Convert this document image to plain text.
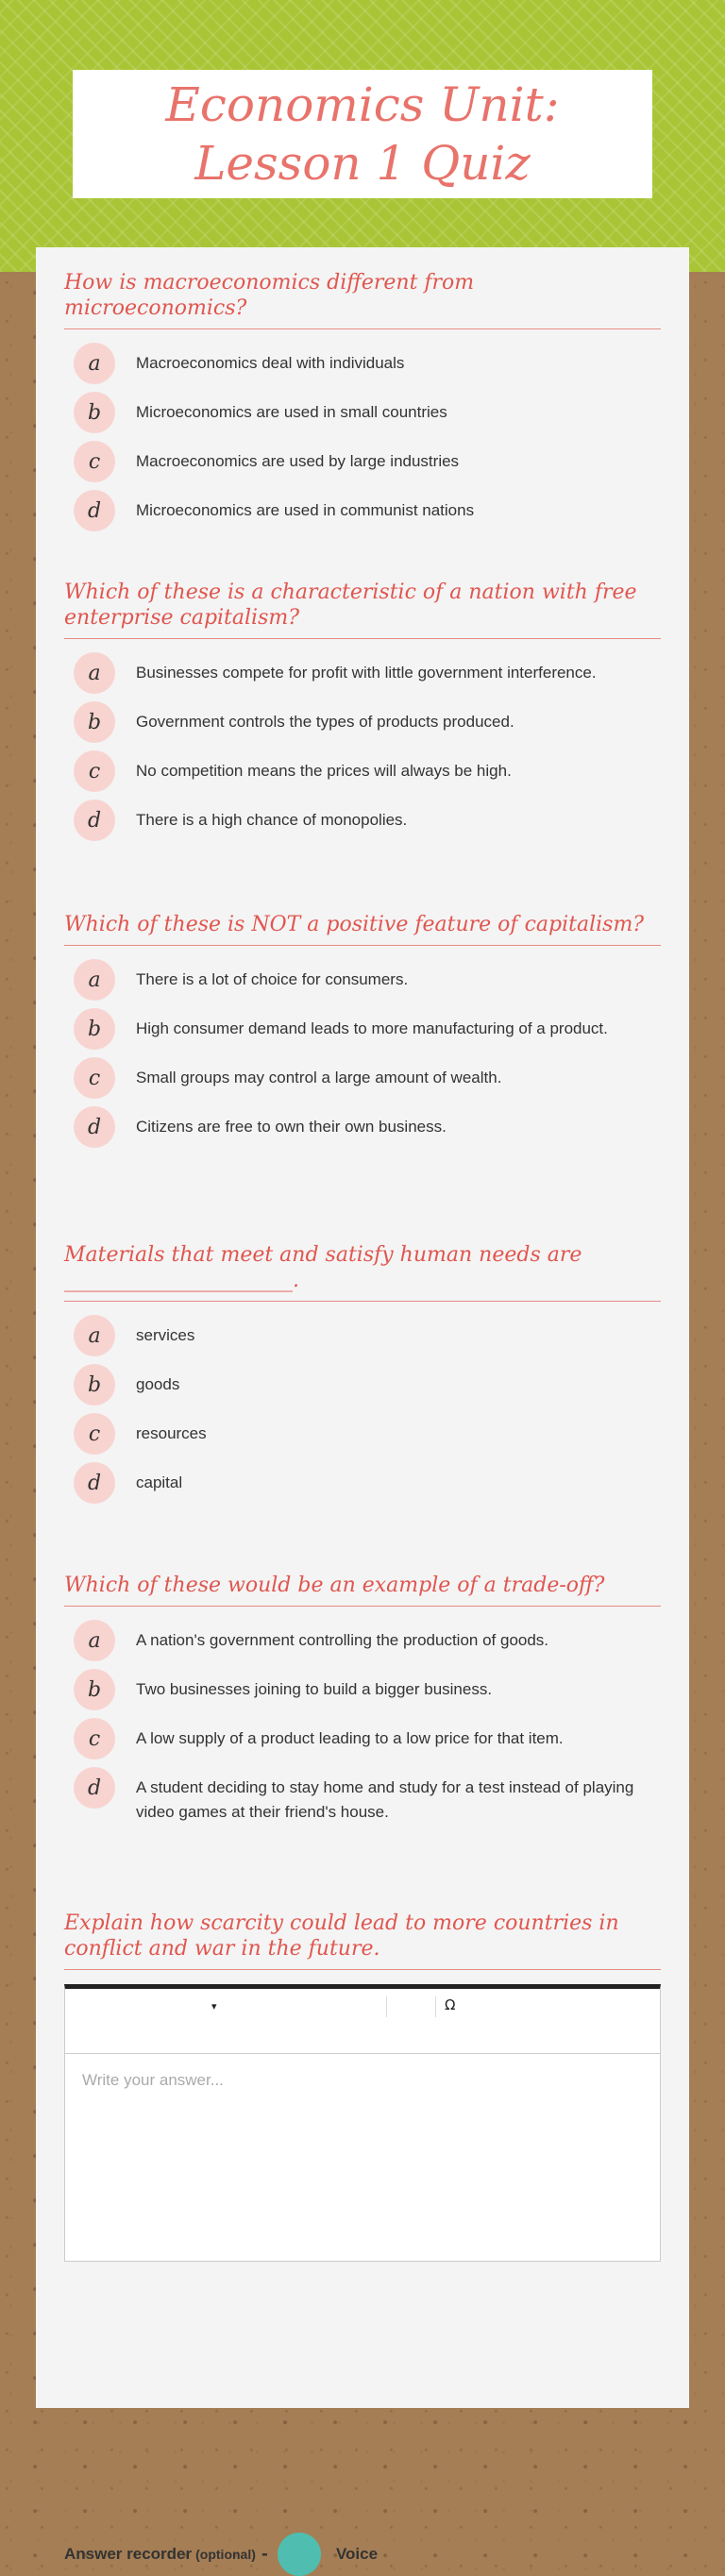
Economics Unit: Lesson 1 Quiz
How is macroeconomics different from microeconomics?
a	Macroeconomics deal with individuals
b	Microeconomics are used in small countries
c	Macroeconomics are used by large industries
d	Microeconomics are used in communist nations
Which of these is a characteristic of a nation with free enterprise capitalism?
a	Businesses compete for profit with little government interference.
b	Government controls the types of products produced.
c	No competition means the prices will always be high.
d	There is a high chance of monopolies.
Which of these is NOT a positive feature of capitalism?
a	There is a lot of choice for consumers.
b	High consumer demand leads to more manufacturing of a product.
c	Small groups may control a large amount of wealth.
d	Citizens are free to own their own business.
Materials that meet and satisfy human needs are ______________________.
a	services
b	goods
c	resources
d	capital
Which of these would be an example of a trade-off?
a	A nation's government controlling the production of goods.
b	Two businesses joining to build a bigger business.
c	A low supply of a product leading to a low price for that item.
d	A student deciding to stay home and study for a test instead of playing video games at their friend's house.
Explain how scarcity could lead to more countries in conflict and war in the future.
▾	Ω
Write your answer...
Answer recorder (optional) -	Voice
